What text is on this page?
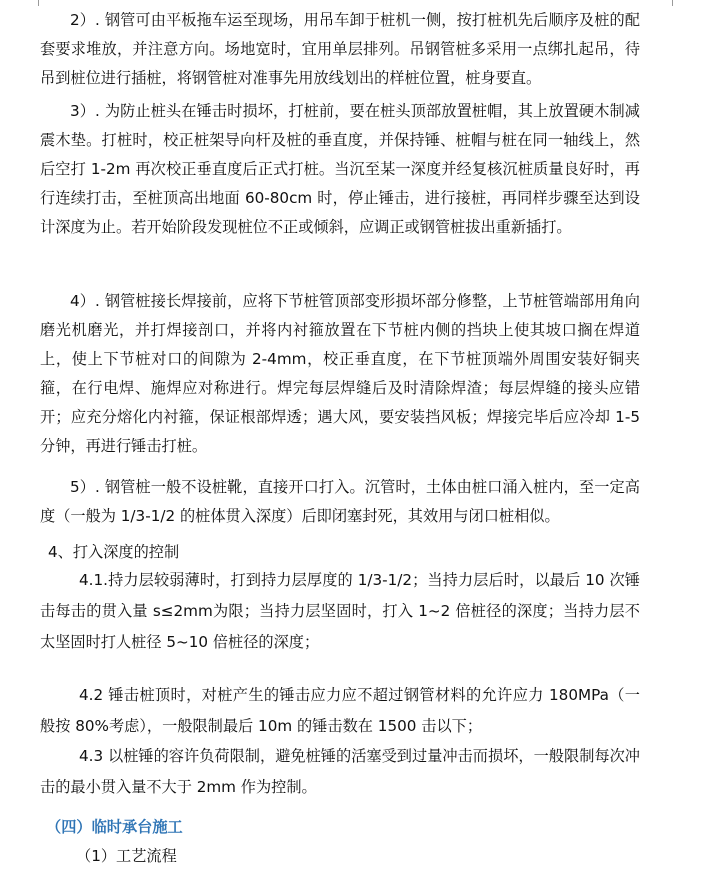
2）. 钢管可由平板拖车运至现场，用吊车卸于桩机一侧，按打桩机先后顺序及桩的配套要求堆放，并注意方向。场地宽时，宜用单层排列。吊钢管桩多采用一点绑扎起吊，待吊到桩位进行插桩，将钢管桩对准事先用放线划出的样桩位置，桩身要直。

3）. 为防止桩头在锤击时损坏，打桩前，要在桩头顶部放置桩帽，其上放置硬木制减震木垫。打桩时，校正桩架导向杆及桩的垂直度，并保持锤、桩帽与桩在同一轴线上，然后空打 1-2m 再次校正垂直度后正式打桩。当沉至某一深度并经复核沉桩质量良好时，再行连续打击，至桩顶高出地面 60-80cm 时，停止锤击，进行接桩，再同样步骤至达到设计深度为止。若开始阶段发现桩位不正或倾斜，应调正或钢管桩拔出重新插打。

4）. 钢管桩接长焊接前，应将下节桩管顶部变形损坏部分修整，上节桩管端部用角向磨光机磨光，并打焊接剖口，并将内衬箍放置在下节桩内侧的挡块上使其坡口搁在焊道上，使上下节桩对口的间隙为 2-4mm，校正垂直度，在下节桩顶端外周围安装好铜夹箍，在行电焊、施焊应对称进行。焊完每层焊缝后及时清除焊渣；每层焊缝的接头应错开；应充分熔化内衬箍，保证根部焊透；遇大风，要安装挡风板；焊接完毕后应冷却 1-5 分钟，再进行锤击打桩。

5）. 钢管桩一般不设桩靴，直接开口打入。沉管时，土体由桩口涌入桩内，至一定高度（一般为 1/3-1/2 的桩体贯入深度）后即闭塞封死，其效用与闭口桩相似。

4、打入深度的控制

4.1.持力层较弱薄时，打到持力层厚度的 1/3-1/2；当持力层后时，以最后 10 次锤击每击的贯入量 s≤2mm为限；当持力层坚固时，打入 1~2 倍桩径的深度；当持力层不太坚固时打人桩径 5~10 倍桩径的深度；

4.2 锤击桩顶时，对桩产生的锤击应力应不超过钢管材料的允许应力 180MPa（一般按 80%考虑），一般限制最后 10m 的锤击数在 1500 击以下；

4.3 以桩锤的容许负荷限制，避免桩锤的活塞受到过量冲击而损坏，一般限制每次冲击的最小贯入量不大于 2mm 作为控制。

（四）临时承台施工

（1）工艺流程
